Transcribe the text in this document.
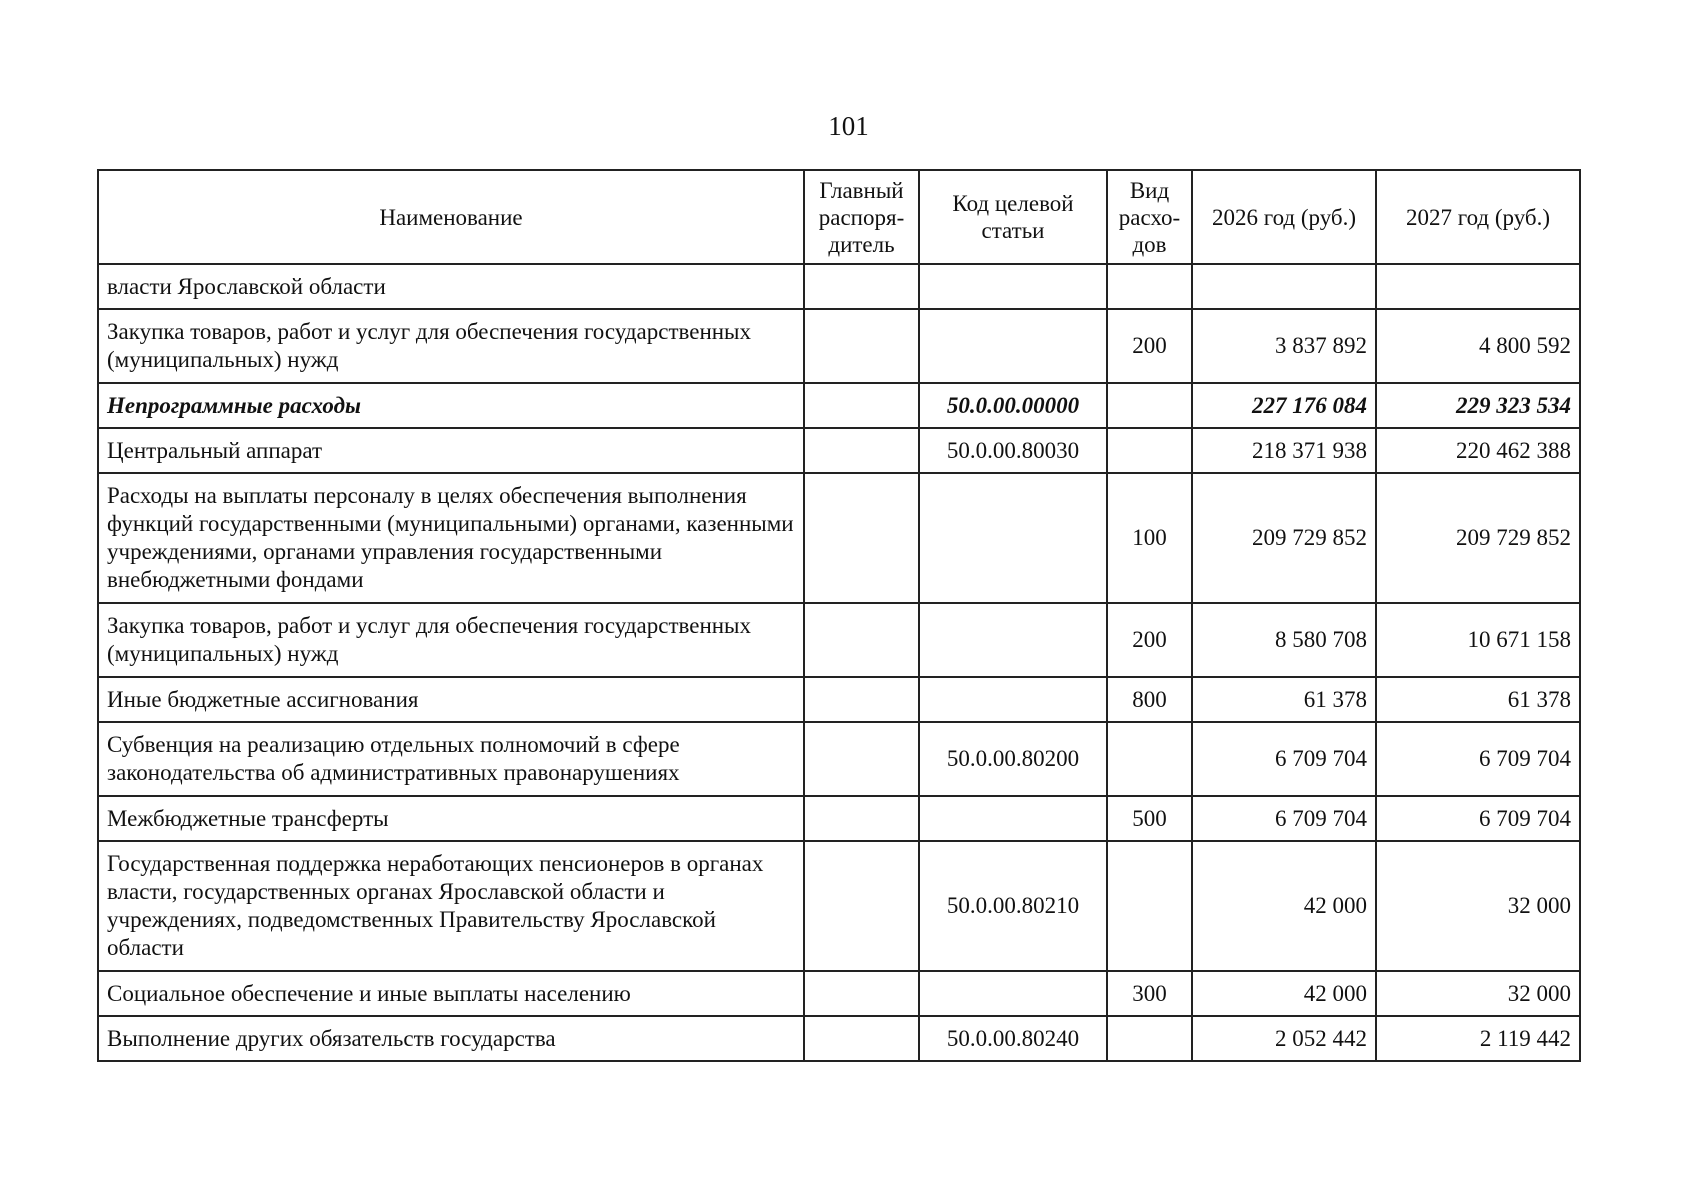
101
Наименование	Главный распоря-дитель	Код целевой статьи	Вид расхо-дов	2026 год (руб.)	2027 год (руб.)
власти Ярославской области					
Закупка товаров, работ и услуг для обеспечения государственных (муниципальных) нужд			200	3 837 892	4 800 592
Непрограммные расходы		50.0.00.00000		227 176 084	229 323 534
Центральный аппарат		50.0.00.80030		218 371 938	220 462 388
Расходы на выплаты персоналу в целях обеспечения выполнения функций государственными (муниципальными) органами, казенными учреждениями, органами управления государственными внебюджетными фондами			100	209 729 852	209 729 852
Закупка товаров, работ и услуг для обеспечения государственных (муниципальных) нужд			200	8 580 708	10 671 158
Иные бюджетные ассигнования			800	61 378	61 378
Субвенция на реализацию отдельных полномочий в сфере законодательства об административных правонарушениях		50.0.00.80200		6 709 704	6 709 704
Межбюджетные трансферты			500	6 709 704	6 709 704
Государственная поддержка неработающих пенсионеров в органах власти, государственных органах Ярославской области и учреждениях, подведомственных Правительству Ярославской области		50.0.00.80210		42 000	32 000
Социальное обеспечение и иные выплаты населению			300	42 000	32 000
Выполнение других обязательств государства		50.0.00.80240		2 052 442	2 119 442
